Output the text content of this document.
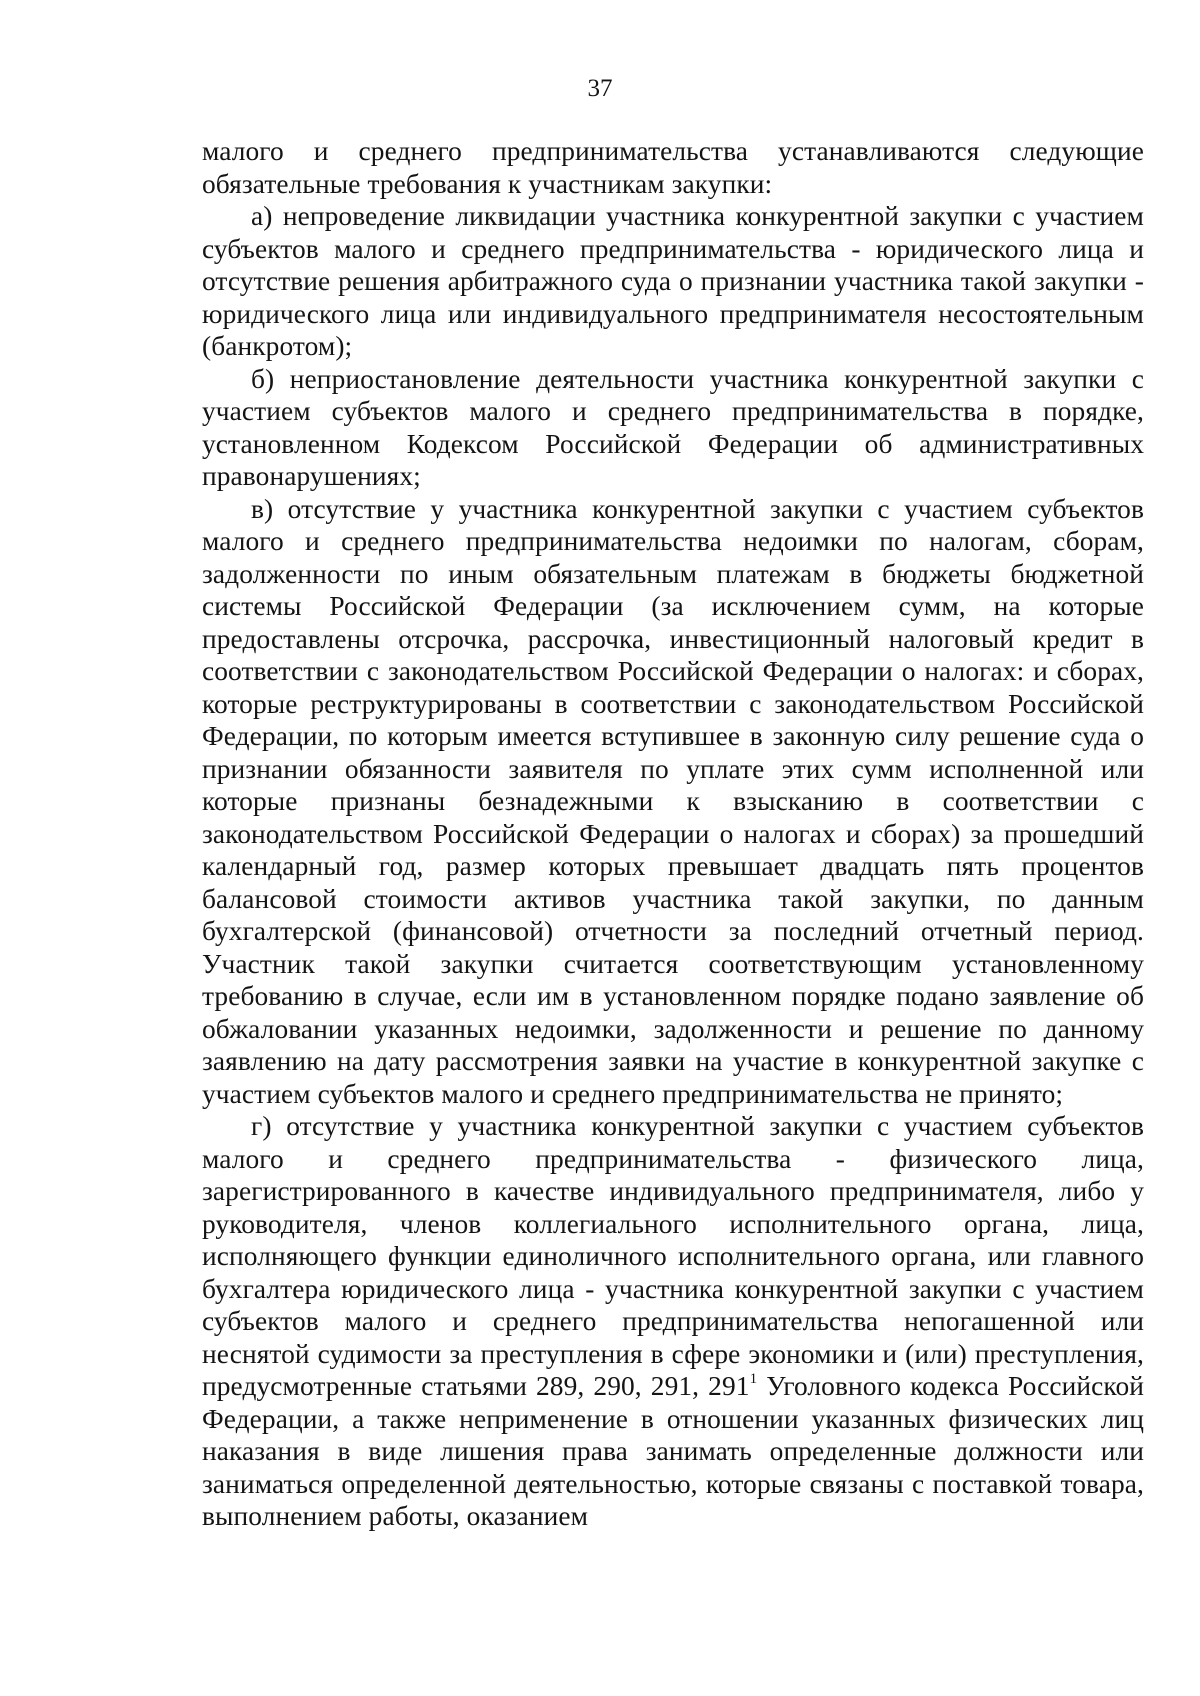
37

малого и среднего предпринимательства устанавливаются следующие обязательные требования к участникам закупки:

а) непроведение ликвидации участника конкурентной закупки с участием субъектов малого и среднего предпринимательства - юридического лица и отсутствие решения арбитражного суда о признании участника такой закупки - юридического лица или индивидуального предпринимателя несостоятельным (банкротом);

б) неприостановление деятельности участника конкурентной закупки с участием субъектов малого и среднего предпринимательства в порядке, установленном Кодексом Российской Федерации об административных правонарушениях;

в) отсутствие у участника конкурентной закупки с участием субъектов малого и среднего предпринимательства недоимки по налогам, сборам, задолженности по иным обязательным платежам в бюджеты бюджетной системы Российской Федерации (за исключением сумм, на которые предоставлены отсрочка, рассрочка, инвестиционный налоговый кредит в соответствии с законодательством Российской Федерации о налогах: и сборах, которые реструктурированы в соответствии с законодательством Российской Федерации, по которым имеется вступившее в законную силу решение суда о признании обязанности заявителя по уплате этих сумм исполненной или которые признаны безнадежными к взысканию в соответствии с законодательством Российской Федерации о налогах и сборах) за прошедший календарный год, размер которых превышает двадцать пять процентов балансовой стоимости активов участника такой закупки, по данным бухгалтерской (финансовой) отчетности за последний отчетный период. Участник такой закупки считается соответствующим установленному требованию в случае, если им в установленном порядке подано заявление об обжаловании указанных недоимки, задолженности и решение по данному заявлению на дату рассмотрения заявки на участие в конкурентной закупке с участием субъектов малого и среднего предпринимательства не принято;

г) отсутствие у участника конкурентной закупки с участием субъектов малого и среднего предпринимательства - физического лица, зарегистрированного в качестве индивидуального предпринимателя, либо у руководителя, членов коллегиального исполнительного органа, лица, исполняющего функции единоличного исполнительного органа, или главного бухгалтера юридического лица - участника конкурентной закупки с участием субъектов малого и среднего предпринимательства непогашенной или неснятой судимости за преступления в сфере экономики и (или) преступления, предусмотренные статьями 289, 290, 291, $291^1$ Уголовного кодекса Российской Федерации, а также неприменение в отношении указанных физических лиц наказания в виде лишения права занимать определенные должности или заниматься определенной деятельностью, которые связаны с поставкой товара, выполнением работы, оказанием
